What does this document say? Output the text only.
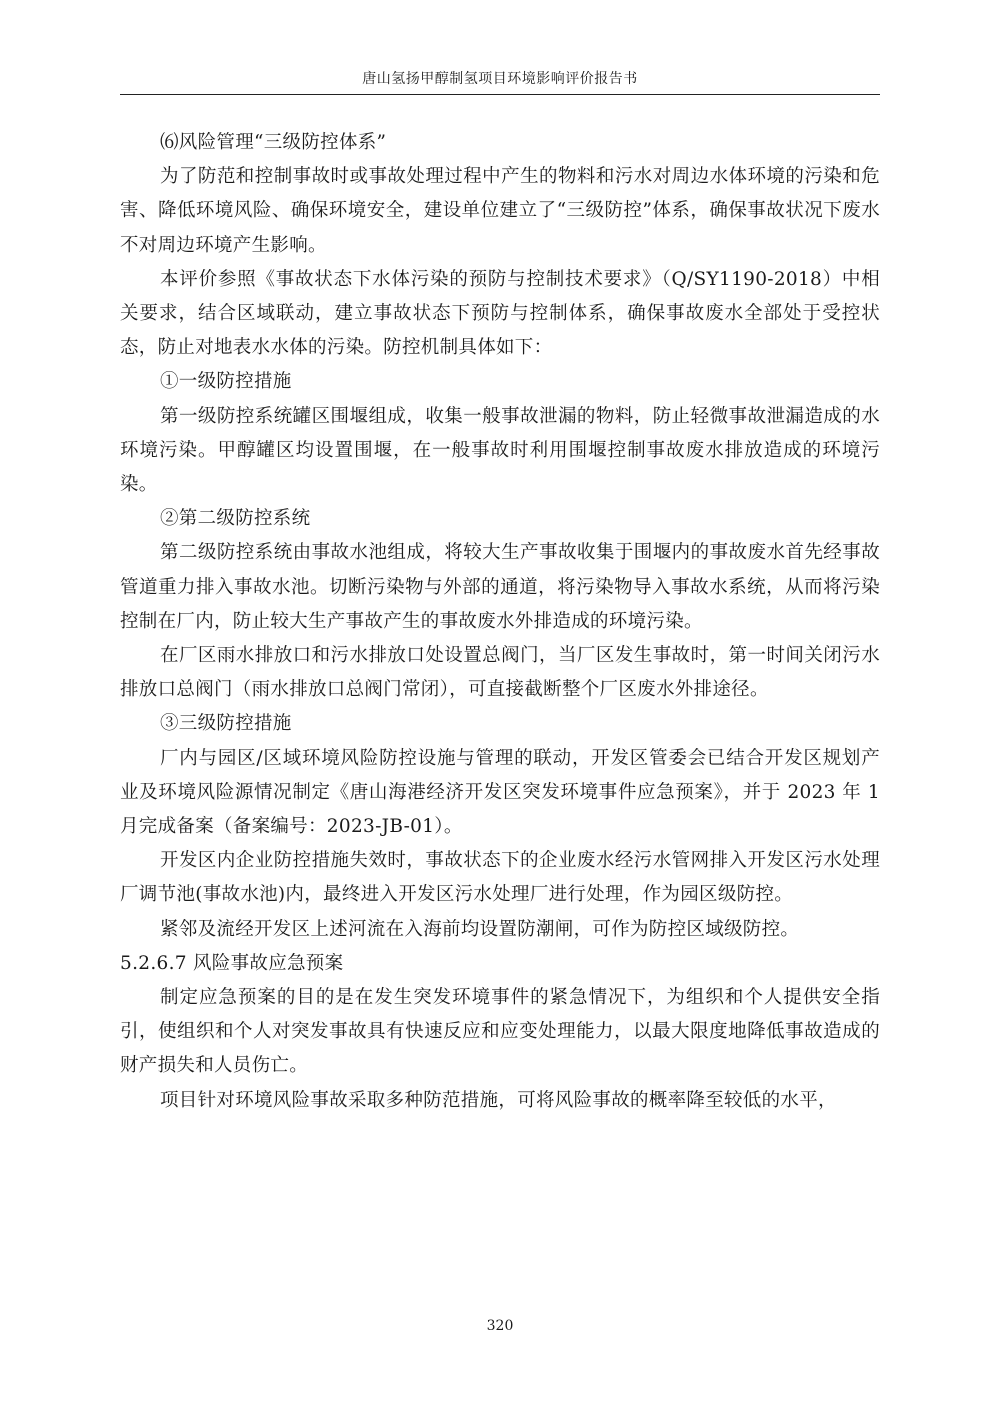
唐山氢扬甲醇制氢项目环境影响评价报告书

⑹风险管理“三级防控体系”

为了防范和控制事故时或事故处理过程中产生的物料和污水对周边水体环境的污染和危害、降低环境风险、确保环境安全，建设单位建立了“三级防控”体系，确保事故状况下废水不对周边环境产生影响。

本评价参照《事故状态下水体污染的预防与控制技术要求》（Q/SY1190-2018）中相关要求，结合区域联动，建立事故状态下预防与控制体系，确保事故废水全部处于受控状态，防止对地表水水体的污染。防控机制具体如下：

①一级防控措施

第一级防控系统罐区围堰组成，收集一般事故泄漏的物料，防止轻微事故泄漏造成的水环境污染。甲醇罐区均设置围堰，在一般事故时利用围堰控制事故废水排放造成的环境污染。

②第二级防控系统

第二级防控系统由事故水池组成，将较大生产事故收集于围堰内的事故废水首先经事故管道重力排入事故水池。切断污染物与外部的通道，将污染物导入事故水系统，从而将污染控制在厂内，防止较大生产事故产生的事故废水外排造成的环境污染。

在厂区雨水排放口和污水排放口处设置总阀门，当厂区发生事故时，第一时间关闭污水排放口总阀门（雨水排放口总阀门常闭），可直接截断整个厂区废水外排途径。

③三级防控措施

厂内与园区/区域环境风险防控设施与管理的联动，开发区管委会已结合开发区规划产业及环境风险源情况制定《唐山海港经济开发区突发环境事件应急预案》，并于 2023 年 1 月完成备案（备案编号：2023-JB-01）。

开发区内企业防控措施失效时，事故状态下的企业废水经污水管网排入开发区污水处理厂调节池(事故水池)内，最终进入开发区污水处理厂进行处理，作为园区级防控。

紧邻及流经开发区上述河流在入海前均设置防潮闸，可作为防控区域级防控。

5.2.6.7 风险事故应急预案

制定应急预案的目的是在发生突发环境事件的紧急情况下，为组织和个人提供安全指引，使组织和个人对突发事故具有快速反应和应变处理能力，以最大限度地降低事故造成的财产损失和人员伤亡。

项目针对环境风险事故采取多种防范措施，可将风险事故的概率降至较低的水平，

320
